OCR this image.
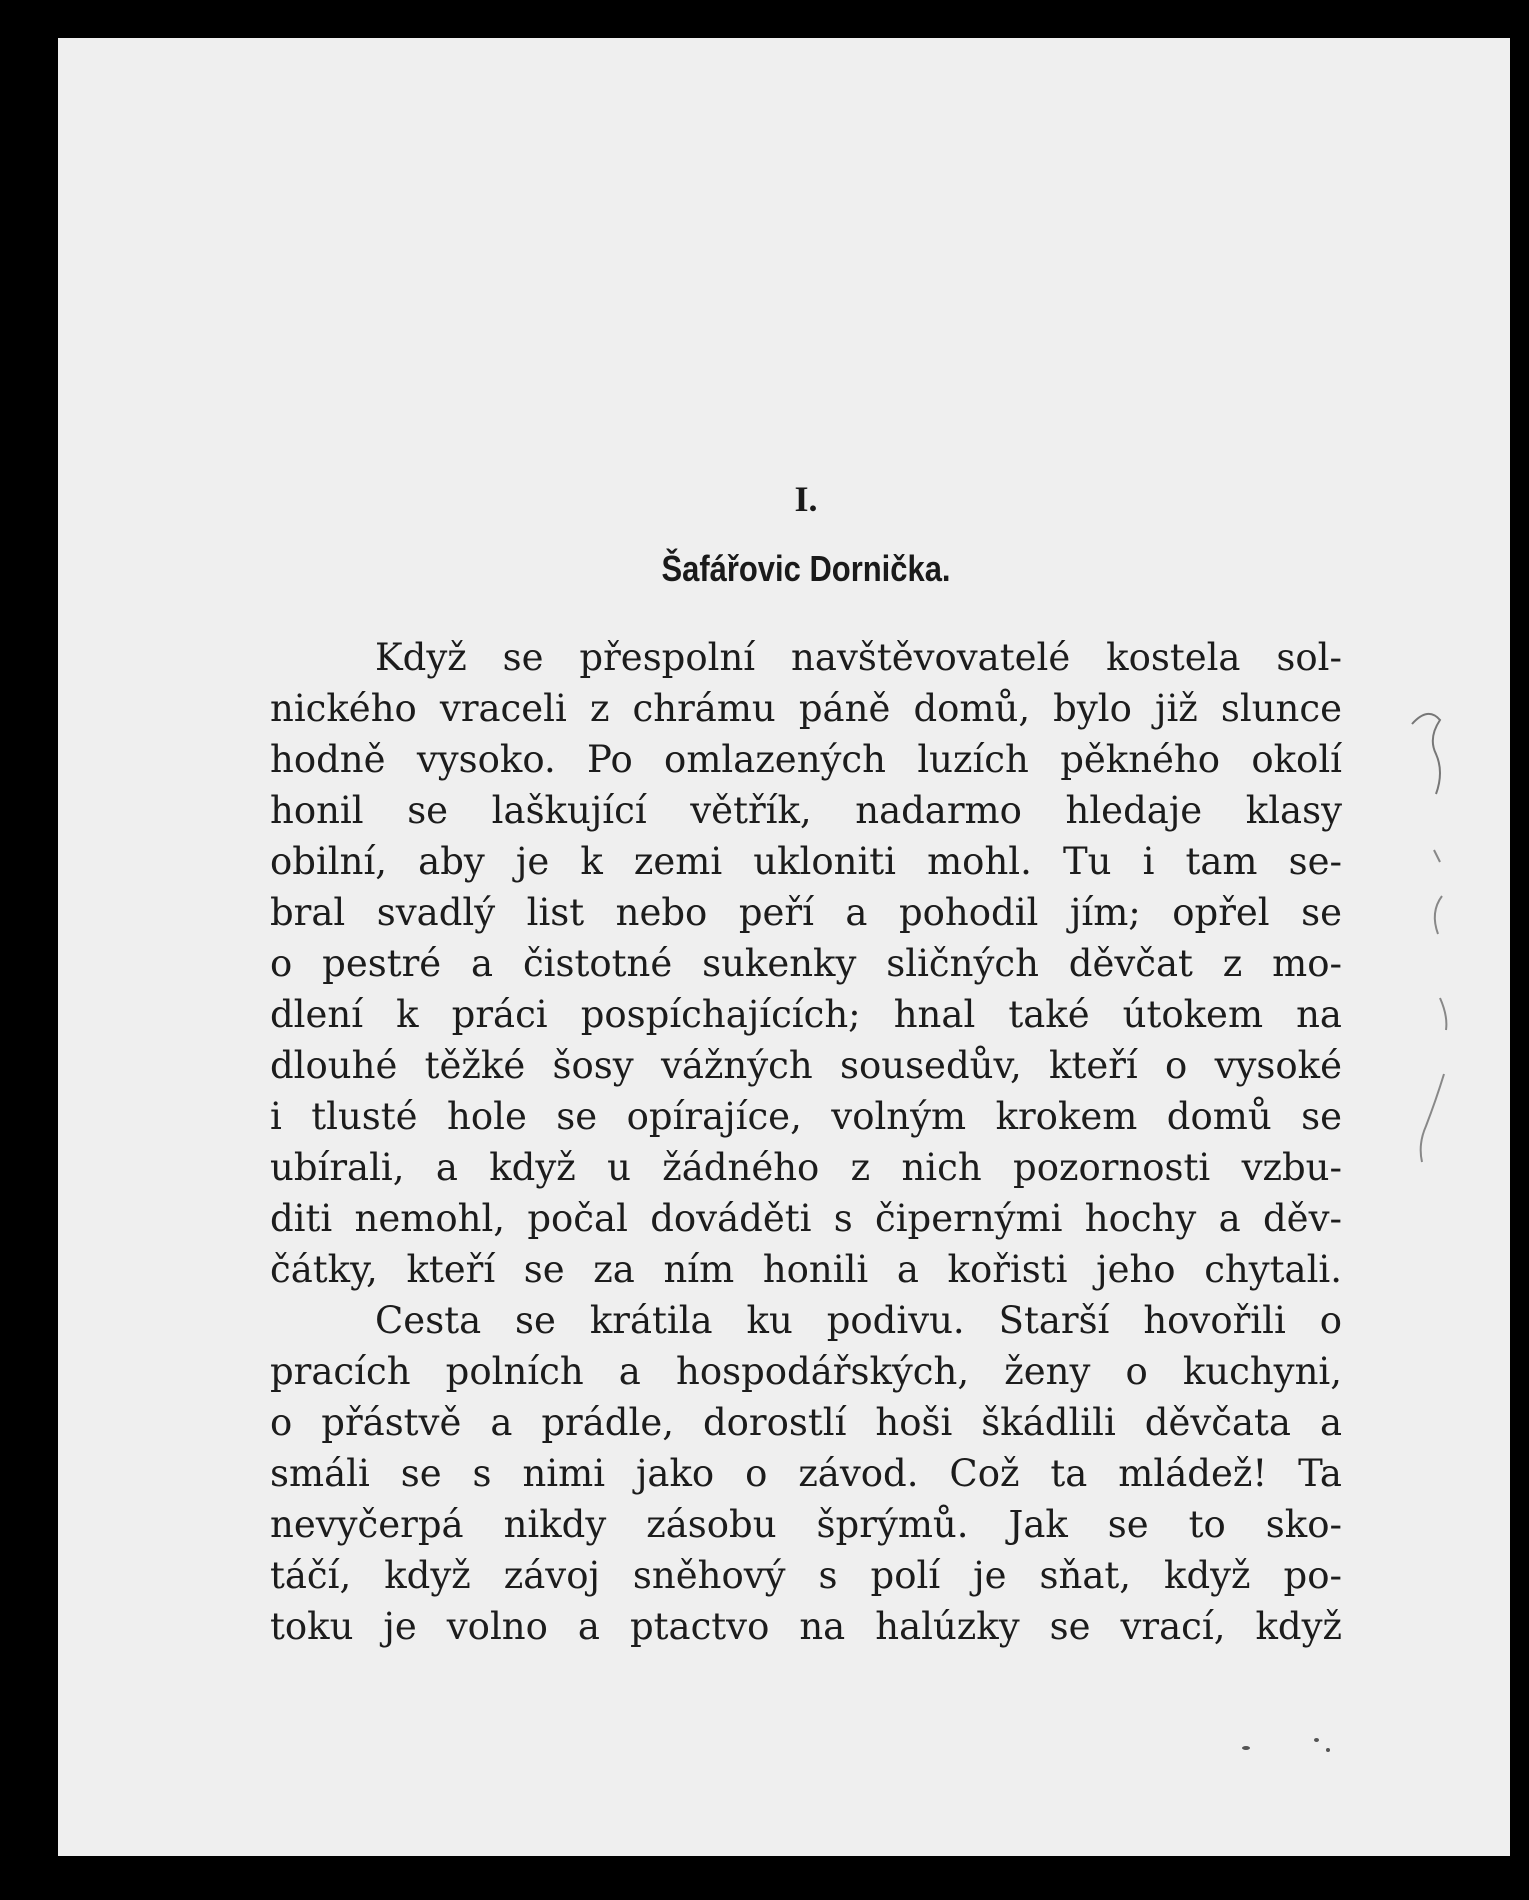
I.
Šafářovic Dornička.
Když se přespolní navštěvovatelé kostela sol-
nického vraceli z chrámu páně domů, bylo již slunce
hodně vysoko. Po omlazených luzích pěkného okolí
honil se laškující větřík, nadarmo hledaje klasy
obilní, aby je k zemi ukloniti mohl. Tu i tam se-
bral svadlý list nebo peří a pohodil jím; opřel se
o pestré a čistotné sukenky sličných děvčat z mo-
dlení k práci pospíchajících; hnal také útokem na
dlouhé těžké šosy vážných sousedův, kteří o vysoké
i tlusté hole se opírajíce, volným krokem domů se
ubírali, a když u žádného z nich pozornosti vzbu-
diti nemohl, počal dováděti s čipernými hochy a děv-
čátky, kteří se za ním honili a kořisti jeho chytali.
Cesta se krátila ku podivu. Starší hovořili o
pracích polních a hospodářských, ženy o kuchyni,
o přástvě a prádle, dorostlí hoši škádlili děvčata a
smáli se s nimi jako o závod. Což ta mládež! Ta
nevyčerpá nikdy zásobu šprýmů. Jak se to sko-
táčí, když závoj sněhový s polí je sňat, když po-
toku je volno a ptactvo na halúzky se vrací, když
